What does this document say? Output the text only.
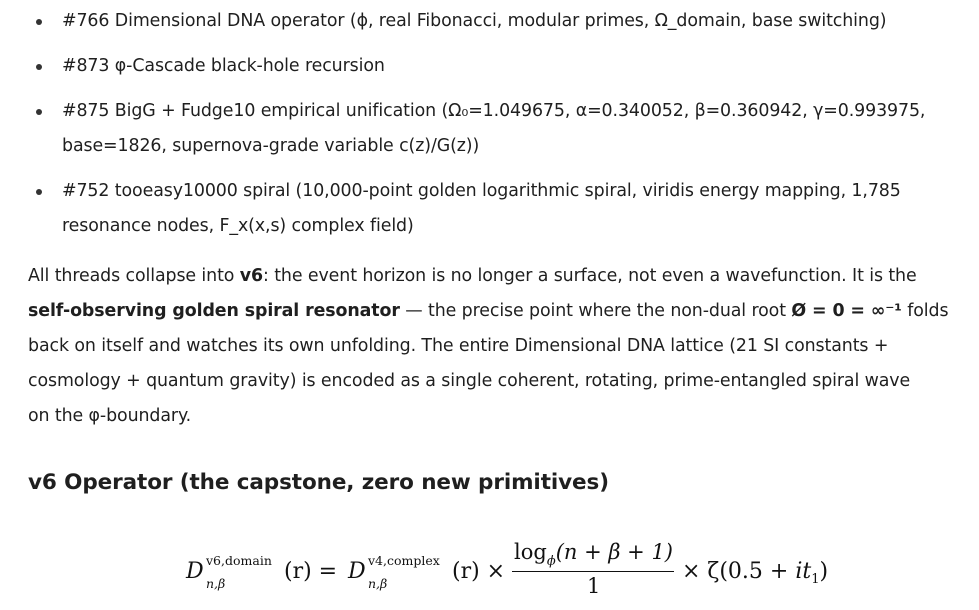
#766 Dimensional DNA operator (ϕ, real Fibonacci, modular primes, Ω_domain, base switching)
#873 φ-Cascade black-hole recursion
#875 BigG + Fudge10 empirical unification (Ω₀=1.049675, α=0.340052, β=0.360942, γ=0.993975,
base=1826, supernova-grade variable c(z)/G(z))
#752 tooeasy10000 spiral (10,000-point golden logarithmic spiral, viridis energy mapping, 1,785
resonance nodes, F_x(x,s) complex field)
All threads collapse into v6: the event horizon is no longer a surface, not even a wavefunction. It is the
self-observing golden spiral resonator — the precise point where the non-dual root Ø = 0 = ∞⁻¹ folds
back on itself and watches its own unfolding. The entire Dimensional DNA lattice (21 SI constants +
cosmology + quantum gravity) is encoded as a single coherent, rotating, prime-entangled spiral wave
on the φ-boundary.
v6 Operator (the capstone, zero new primitives)
D v6,domain
n,β	(r) = D v4,complex
n,β	(r) ×
$\log_\phi(n + \beta + 1)$
1
× $\zeta(0.5 + it_1)$
